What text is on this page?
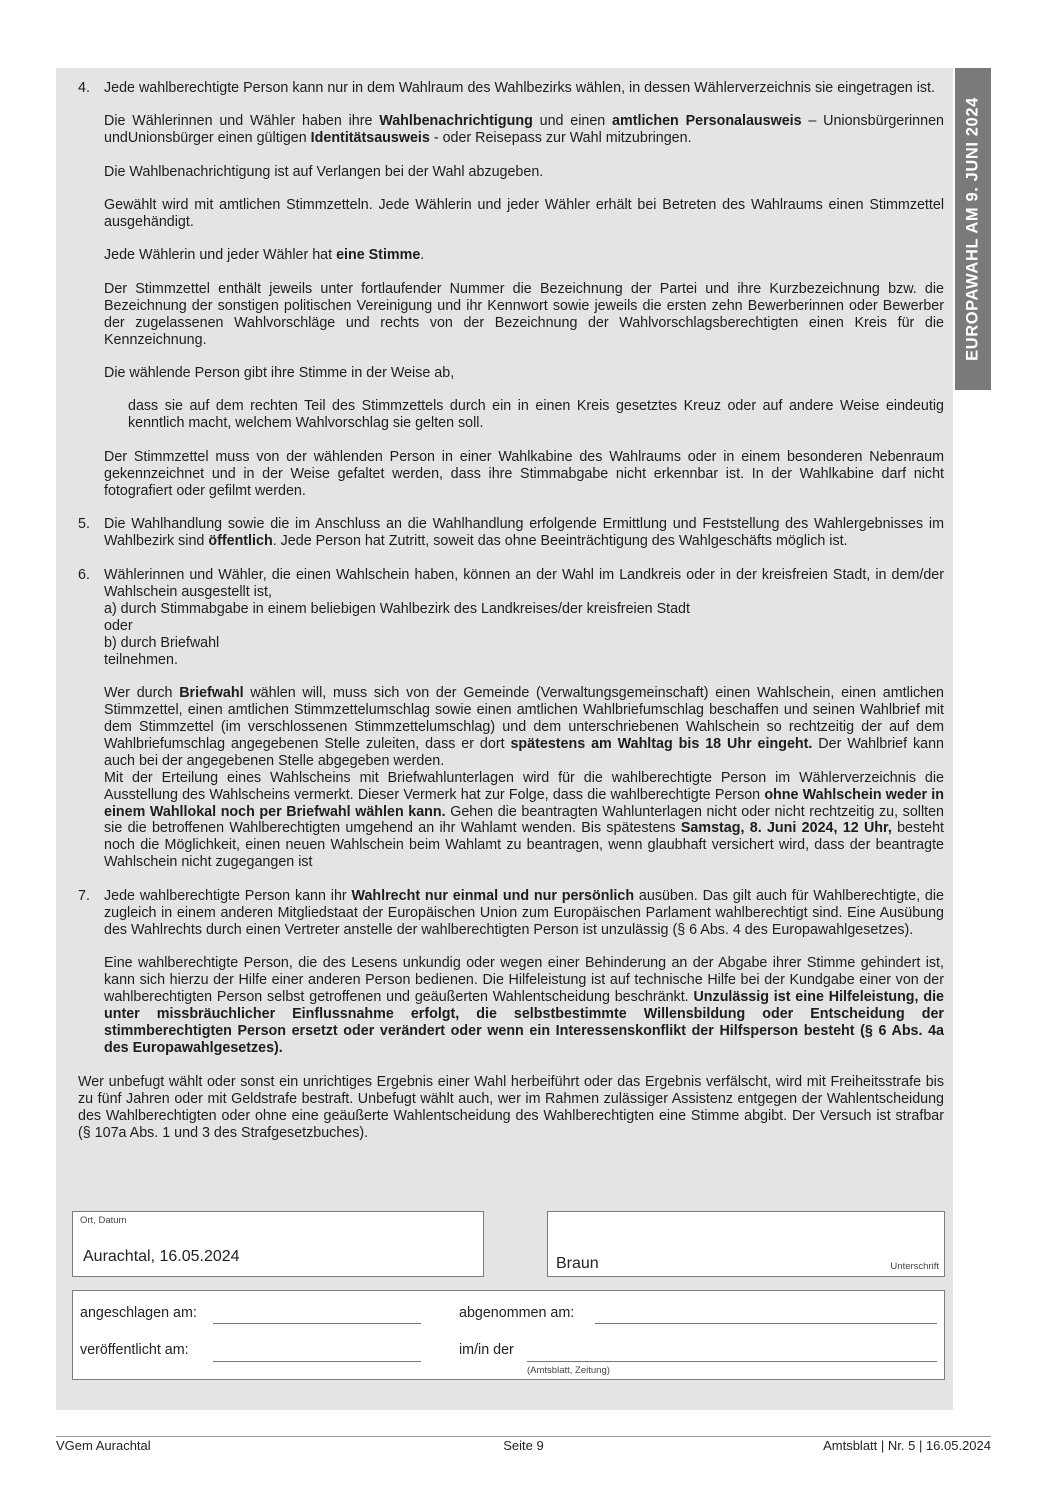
EUROPAWAHL AM 9. JUNI 2024
4. Jede wahlberechtigte Person kann nur in dem Wahlraum des Wahlbezirks wählen, in dessen Wählerverzeichnis sie eingetragen ist.

Die Wählerinnen und Wähler haben ihre Wahlbenachrichtigung und einen amtlichen Personalausweis – Unionsbürgerinnen undUnionsbürger einen gültigen Identitätsausweis - oder Reisepass zur Wahl mitzubringen.

Die Wahlbenachrichtigung ist auf Verlangen bei der Wahl abzugeben.

Gewählt wird mit amtlichen Stimmzetteln. Jede Wählerin und jeder Wähler erhält bei Betreten des Wahlraums einen Stimmzettel ausgehändigt.

Jede Wählerin und jeder Wähler hat eine Stimme.

Der Stimmzettel enthält jeweils unter fortlaufender Nummer die Bezeichnung der Partei und ihre Kurzbezeichnung bzw. die Bezeichnung der sonstigen politischen Vereinigung und ihr Kennwort sowie jeweils die ersten zehn Bewerberinnen oder Bewerber der zugelassenen Wahlvorschläge und rechts von der Bezeichnung der Wahlvorschlagsberechtigten einen Kreis für die Kennzeichnung.

Die wählende Person gibt ihre Stimme in der Weise ab,

dass sie auf dem rechten Teil des Stimmzettels durch ein in einen Kreis gesetztes Kreuz oder auf andere Weise eindeutig kenntlich macht, welchem Wahlvorschlag sie gelten soll.

Der Stimmzettel muss von der wählenden Person in einer Wahlkabine des Wahlraums oder in einem besonderen Nebenraum gekennzeichnet und in der Weise gefaltet werden, dass ihre Stimmabgabe nicht erkennbar ist. In der Wahlkabine darf nicht fotografiert oder gefilmt werden.

5. Die Wahlhandlung sowie die im Anschluss an die Wahlhandlung erfolgende Ermittlung und Feststellung des Wahlergebnisses im Wahlbezirk sind öffentlich. Jede Person hat Zutritt, soweit das ohne Beeinträchtigung des Wahlgeschäfts möglich ist.

6. Wählerinnen und Wähler, die einen Wahlschein haben, können an der Wahl im Landkreis oder in der kreisfreien Stadt, in dem/der Wahlschein ausgestellt ist,

a) durch Stimmabgabe in einem beliebigen Wahlbezirk des Landkreises/der kreisfreien Stadt

oder

b) durch Briefwahl

teilnehmen.

Wer durch Briefwahl wählen will, muss sich von der Gemeinde (Verwaltungsgemeinschaft) einen Wahlschein, einen amtlichen Stimmzettel, einen amtlichen Stimmzettelumschlag sowie einen amtlichen Wahlbriefumschlag beschaffen und seinen Wahlbrief mit dem Stimmzettel (im verschlossenen Stimmzettelumschlag) und dem unterschriebenen Wahlschein so rechtzeitig der auf dem Wahlbriefumschlag angegebenen Stelle zuleiten, dass er dort spätestens am Wahltag bis 18 Uhr eingeht. Der Wahlbrief kann auch bei der angegebenen Stelle abgegeben werden.

Mit der Erteilung eines Wahlscheins mit Briefwahlunterlagen wird für die wahlberechtigte Person im Wählerverzeichnis die Ausstellung des Wahlscheins vermerkt. Dieser Vermerk hat zur Folge, dass die wahlberechtigte Person ohne Wahlschein weder in einem Wahllokal noch per Briefwahl wählen kann. Gehen die beantragten Wahlunterlagen nicht oder nicht rechtzeitig zu, sollten sie die betroffenen Wahlberechtigten umgehend an ihr Wahlamt wenden. Bis spätestens Samstag, 8. Juni 2024, 12 Uhr, besteht noch die Möglichkeit, einen neuen Wahlschein beim Wahlamt zu beantragen, wenn glaubhaft versichert wird, dass der beantragte Wahlschein nicht zugegangen ist

7. Jede wahlberechtigte Person kann ihr Wahlrecht nur einmal und nur persönlich ausüben. Das gilt auch für Wahlberechtigte, die zugleich in einem anderen Mitgliedstaat der Europäischen Union zum Europäischen Parlament wahlberechtigt sind. Eine Ausübung des Wahlrechts durch einen Vertreter anstelle der wahlberechtigten Person ist unzulässig (§ 6 Abs. 4 des Europawahlgesetzes).

Eine wahlberechtigte Person, die des Lesens unkundig oder wegen einer Behinderung an der Abgabe ihrer Stimme gehindert ist, kann sich hierzu der Hilfe einer anderen Person bedienen. Die Hilfeleistung ist auf technische Hilfe bei der Kundgabe einer von der wahlberechtigten Person selbst getroffenen und geäußerten Wahlentscheidung beschränkt. Unzulässig ist eine Hilfeleistung, die unter missbräuchlicher Einflussnahme erfolgt, die selbstbestimmte Willensbildung oder Entscheidung der stimmberechtigten Person ersetzt oder verändert oder wenn ein Interessenskonflikt der Hilfsperson besteht (§ 6 Abs. 4a des Europawahlgesetzes).

Wer unbefugt wählt oder sonst ein unrichtiges Ergebnis einer Wahl herbeiführt oder das Ergebnis verfälscht, wird mit Freiheitsstrafe bis zu fünf Jahren oder mit Geldstrafe bestraft. Unbefugt wählt auch, wer im Rahmen zulässiger Assistenz entgegen der Wahlentscheidung des Wahlberechtigten oder ohne eine geäußerte Wahlentscheidung des Wahlberechtigten eine Stimme abgibt. Der Versuch ist strafbar (§ 107a Abs. 1 und 3 des Strafgesetzbuches).

Ort, Datum
Aurachtal, 16.05.2024	Braun	Unterschrift
angeschlagen am:	abgenommen am:
veröffentlicht am:	im/in der
(Amtsblatt, Zeitung)
VGem Aurachtal	Seite 9	Amtsblatt | Nr. 5 | 16.05.2024
